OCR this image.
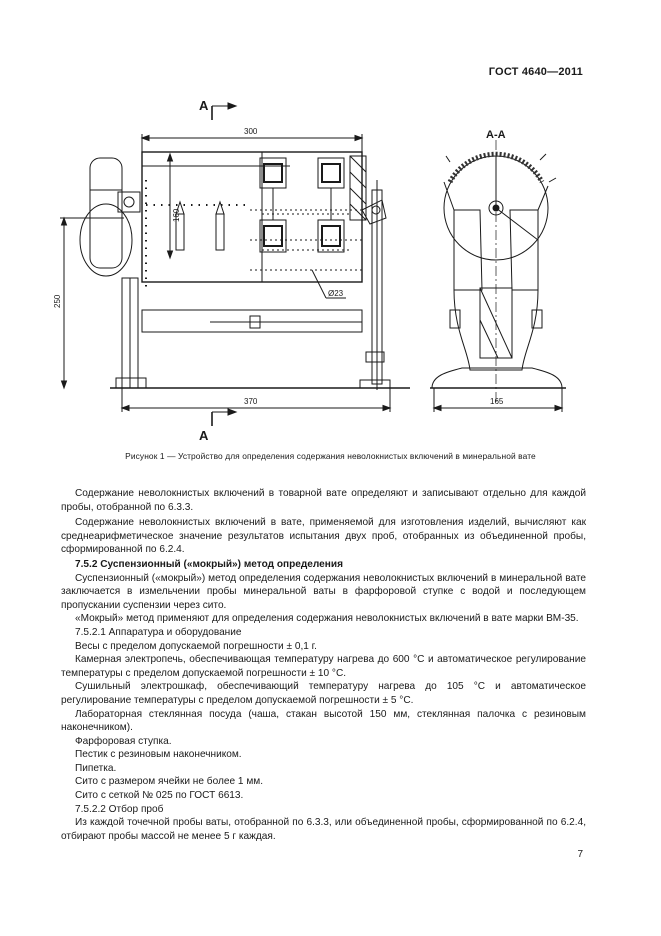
ГОСТ 4640—2011
А
А
А-А
300
160
250
Ø23
370	165
Рисунок 1 — Устройство для определения содержания неволокнистых включений в минеральной вате

Содержание неволокнистых включений в товарной вате определяют и записывают отдельно для каждой пробы, отобранной по 6.3.3.

Содержание неволокнистых включений в вате, применяемой для изготовления изделий, вычисляют как среднеарифметическое значение результатов испытания двух проб, отобранных из объединенной пробы, сформированной по 6.2.4.

7.5.2 Суспензионный («мокрый») метод определения

Суспензионный («мокрый») метод определения содержания неволокнистых включений в минеральной вате заключается в измельчении пробы минеральной ваты в фарфоровой ступке с водой и последующем пропускании суспензии через сито.

«Мокрый» метод применяют для определения содержания неволокнистых включений в вате марки ВМ-35.

7.5.2.1 Аппаратура и оборудование

Весы с пределом допускаемой погрешности ± 0,1 г.

Камерная электропечь, обеспечивающая температуру нагрева до 600 °С и автоматическое регулирование температуры с пределом допускаемой погрешности ± 10 °С.

Сушильный электрошкаф, обеспечивающий температуру нагрева до 105 °С и автоматическое регулирование температуры с пределом допускаемой погрешности ± 5 °С.

Лабораторная стеклянная посуда (чаша, стакан высотой 150 мм, стеклянная палочка с резиновым наконечником).

Фарфоровая ступка.

Пестик с резиновым наконечником.

Пипетка.

Сито с размером ячейки не более 1 мм.

Сито с сеткой № 025 по ГОСТ 6613.

7.5.2.2 Отбор проб

Из каждой точечной пробы ваты, отобранной по 6.3.3, или объединенной пробы, сформированной по 6.2.4, отбирают пробы массой не менее 5 г каждая.

7
